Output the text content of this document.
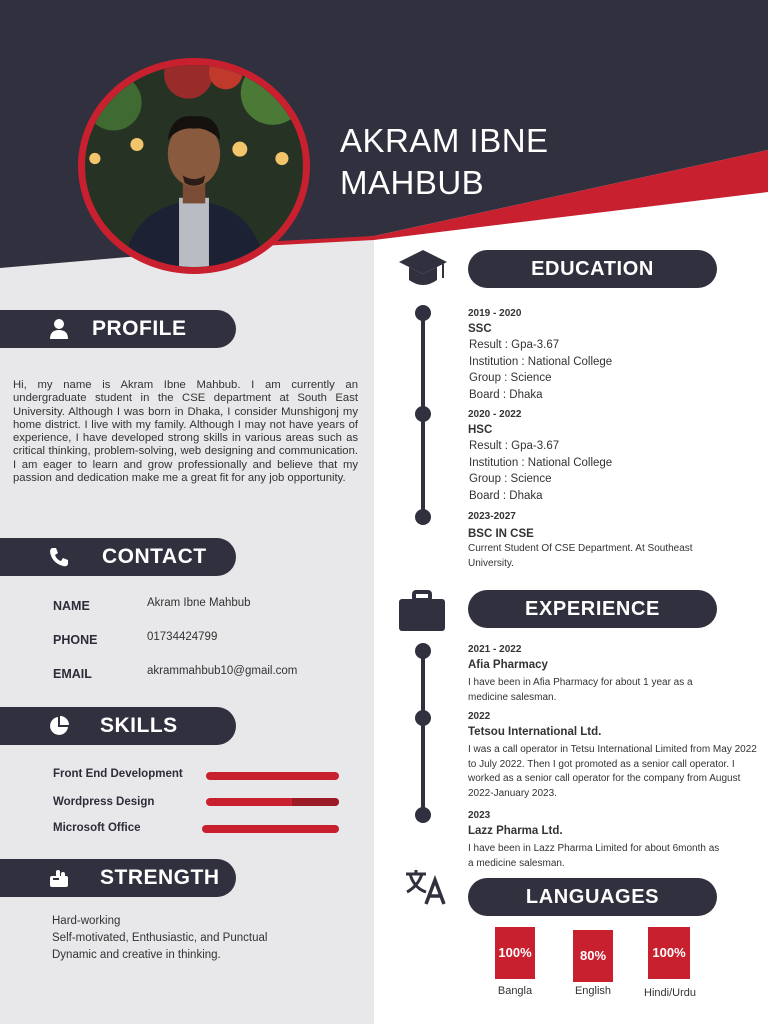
AKRAM IBNE
MAHBUB
PROFILE
Hi, my name is Akram Ibne Mahbub. I am currently an undergraduate student in the CSE department at South East University. Although I was born in Dhaka, I consider Munshigonj my home district. I live with my family. Although I may not have years of experience, I have developed strong skills in various areas such as critical thinking, problem-solving, web designing and communication. I am eager to learn and grow professionally and believe that my passion and dedication make me a great fit for any job opportunity.
CONTACT
NAME	Akram Ibne Mahbub
PHONE	01734424799
EMAIL	akrammahbub10@gmail.com
SKILLS
Front End Development
Wordpress Design
Microsoft Office
STRENGTH
Hard-working
Self-motivated, Enthusiastic, and Punctual
Dynamic and creative in thinking.
EDUCATION
2019 - 2020
SSC
Result : Gpa-3.67
Institution : National College
Group : Science
Board : Dhaka
2020 - 2022
HSC
Result : Gpa-3.67
Institution : National College
Group : Science
Board : Dhaka
2023-2027
BSC IN CSE
Current Student Of CSE Department. At Southeast University.
EXPERIENCE
2021 - 2022
Afia Pharmacy
I have been in Afia Pharmacy for about 1 year as a medicine salesman.
2022
Tetsou International Ltd.
I was a call operator in Tetsu International Limited from May 2022 to July 2022. Then I got promoted as a senior call operator. I worked as a senior call operator for the company from August 2022-January 2023.
2023
Lazz Pharma Ltd.
I have been in Lazz Pharma Limited for about 6month as a medicine salesman.
LANGUAGES
100%	80%	100%
Bangla	English	Hindi/Urdu
